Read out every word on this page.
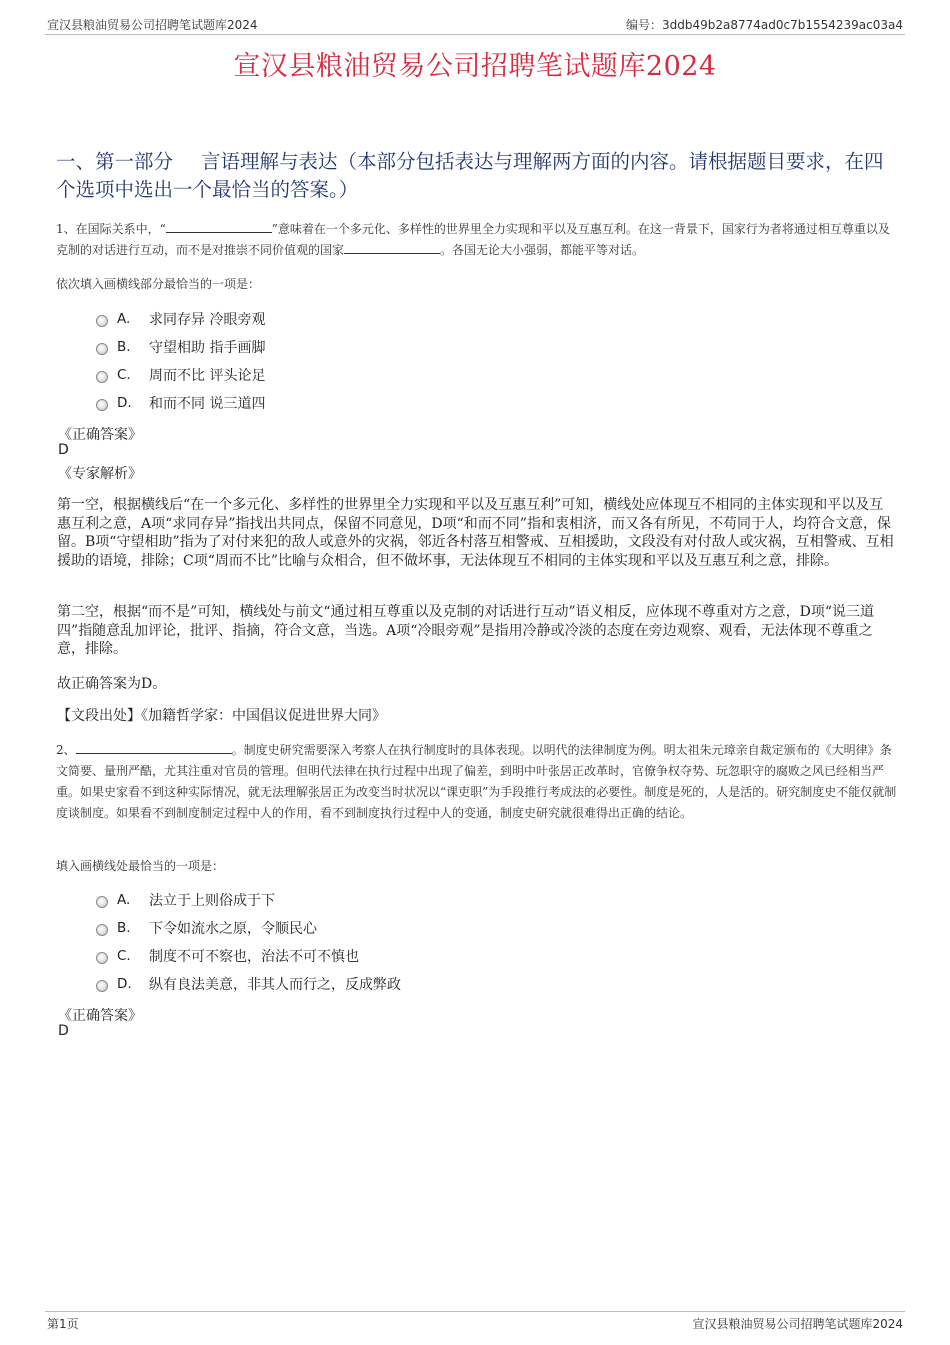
宣汉县粮油贸易公司招聘笔试题库2024	编号：3ddb49b2a8774ad0c7b1554239ac03a4
宣汉县粮油贸易公司招聘笔试题库2024
一、第一部分 言语理解与表达（本部分包括表达与理解两方面的内容。请根据题目要求，在四个选项中选出一个最恰当的答案。）
1、在国际关系中，“	”意味着在一个多元化、多样性的世界里全力实现和平以及互惠互利。在这一背景下，国家行为者将通过相互尊重以及克制的对话进行互动，而不是对推崇不同价值观的国家	。各国无论大小强弱，都能平等对话。
依次填入画横线部分最恰当的一项是：
A.	求同存异 冷眼旁观
B.	守望相助 指手画脚
C.	周而不比 评头论足
D.	和而不同 说三道四
《正确答案》
D
《专家解析》
第一空，根据横线后“在一个多元化、多样性的世界里全力实现和平以及互惠互利”可知，横线处应体现互不相同的主体实现和平以及互惠互利之意，A项“求同存异”指找出共同点，保留不同意见，D项“和而不同”指和衷相济，而又各有所见，不苟同于人，均符合文意，保留。B项“守望相助”指为了对付来犯的敌人或意外的灾祸，邻近各村落互相警戒、互相援助，文段没有对付敌人或灾祸，互相警戒、互相援助的语境，排除；C项“周而不比”比喻与众相合，但不做坏事，无法体现互不相同的主体实现和平以及互惠互利之意，排除。
第二空，根据“而不是”可知，横线处与前文“通过相互尊重以及克制的对话进行互动”语义相反，应体现不尊重对方之意，D项“说三道四”指随意乱加评论，批评、指摘，符合文意，当选。A项“冷眼旁观”是指用冷静或冷淡的态度在旁边观察、观看，无法体现不尊重之意，排除。
故正确答案为D。
【文段出处】《加籍哲学家：中国倡议促进世界大同》
2、	。制度史研究需要深入考察人在执行制度时的具体表现。以明代的法律制度为例。明太祖朱元璋亲自裁定颁布的《大明律》条文简要、量刑严酷，尤其注重对官员的管理。但明代法律在执行过程中出现了偏差，到明中叶张居正改革时，官僚争权夺势、玩忽职守的腐败之风已经相当严重。如果史家看不到这种实际情况，就无法理解张居正为改变当时状况以“课吏职”为手段推行考成法的必要性。制度是死的，人是活的。研究制度史不能仅就制度谈制度。如果看不到制度制定过程中人的作用，看不到制度执行过程中人的变通，制度史研究就很难得出正确的结论。
填入画横线处最恰当的一项是：
A.	法立于上则俗成于下
B.	下令如流水之原，令顺民心
C.	制度不可不察也，治法不可不慎也
D.	纵有良法美意，非其人而行之，反成弊政
《正确答案》
D
第1页	宣汉县粮油贸易公司招聘笔试题库2024
